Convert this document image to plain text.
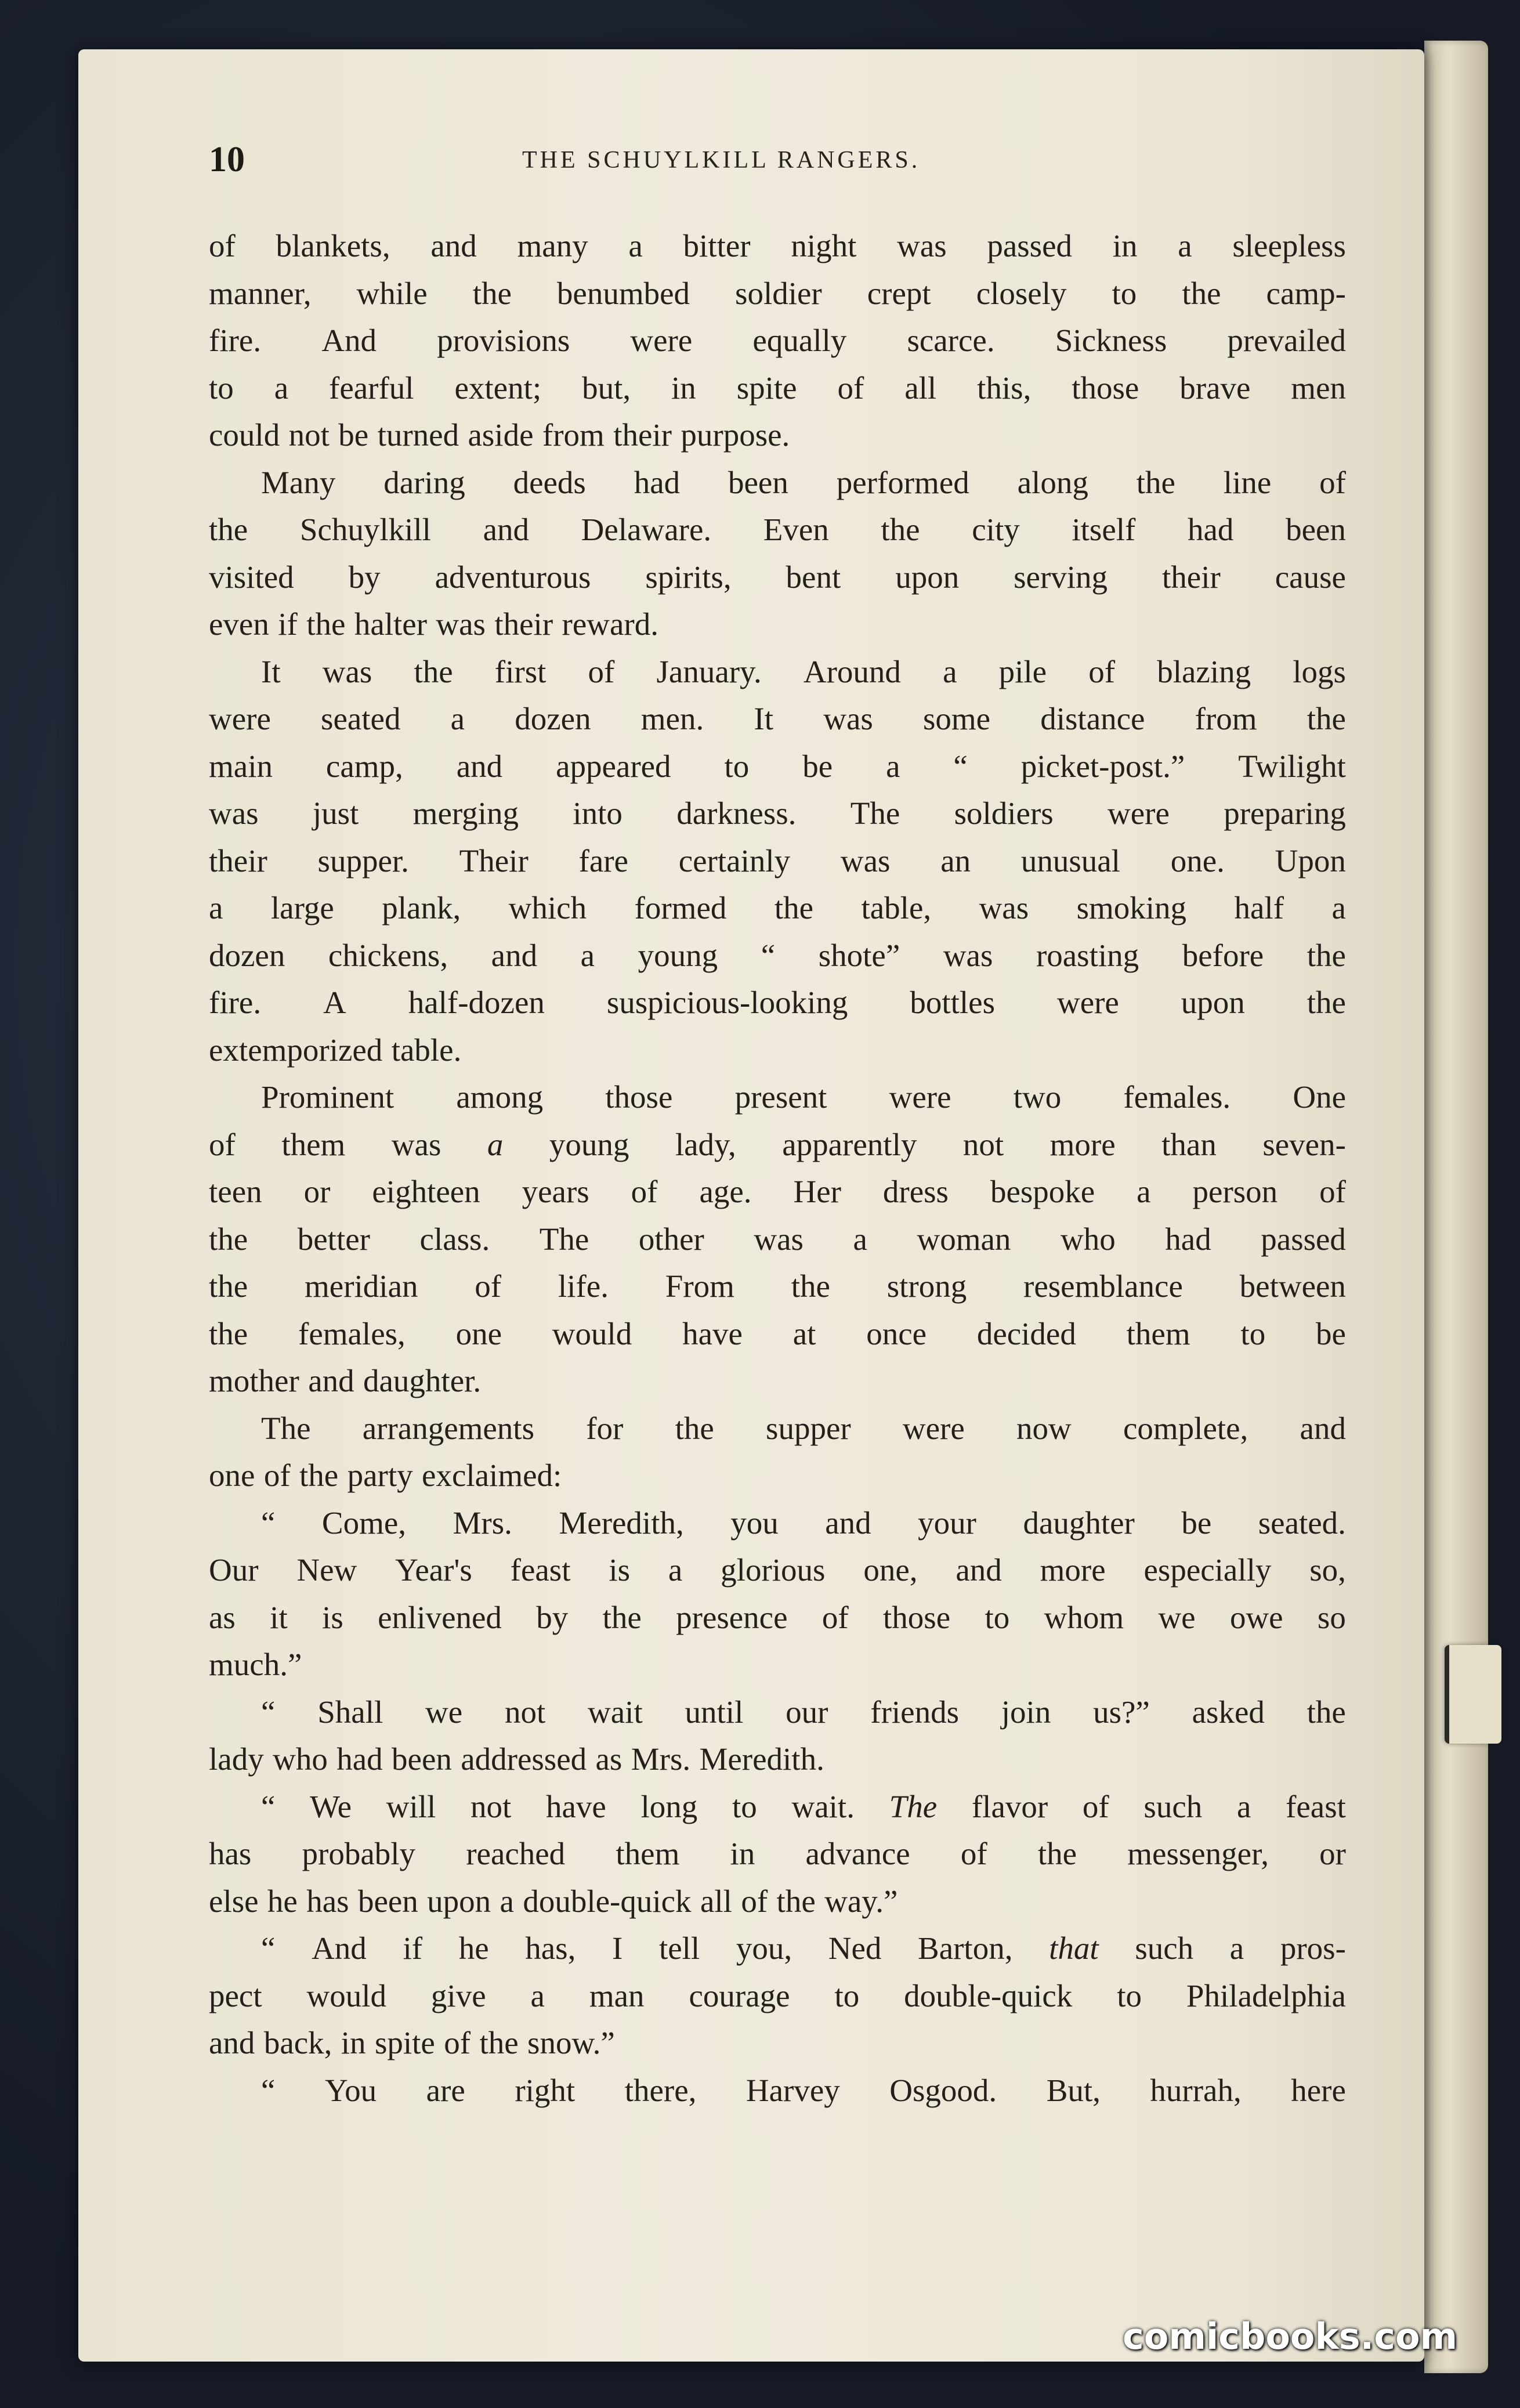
10	THE SCHUYLKILL RANGERS.
of blankets, and many a bitter night was passed in a sleepless
manner, while the benumbed soldier crept closely to the camp-
fire. And provisions were equally scarce. Sickness prevailed
to a fearful extent; but, in spite of all this, those brave men
could not be turned aside from their purpose.
Many daring deeds had been performed along the line of
the Schuylkill and Delaware. Even the city itself had been
visited by adventurous spirits, bent upon serving their cause
even if the halter was their reward.
It was the first of January. Around a pile of blazing logs
were seated a dozen men. It was some distance from the
main camp, and appeared to be a “ picket-post.” Twilight
was just merging into darkness. The soldiers were preparing
their supper. Their fare certainly was an unusual one. Upon
a large plank, which formed the table, was smoking half a
dozen chickens, and a young “ shote” was roasting before the
fire. A half-dozen suspicious-looking bottles were upon the
extemporized table.
Prominent among those present were two females. One
of them was a young lady, apparently not more than seven-
teen or eighteen years of age. Her dress bespoke a person of
the better class. The other was a woman who had passed
the meridian of life. From the strong resemblance between
the females, one would have at once decided them to be
mother and daughter.
The arrangements for the supper were now complete, and
one of the party exclaimed:
“ Come, Mrs. Meredith, you and your daughter be seated.
Our New Year's feast is a glorious one, and more especially so,
as it is enlivened by the presence of those to whom we owe so
much.”
“ Shall we not wait until our friends join us?” asked the
lady who had been addressed as Mrs. Meredith.
“ We will not have long to wait. The flavor of such a feast
has probably reached them in advance of the messenger, or
else he has been upon a double-quick all of the way.”
“ And if he has, I tell you, Ned Barton, that such a pros-
pect would give a man courage to double-quick to Philadelphia
and back, in spite of the snow.”
“ You are right there, Harvey Osgood. But, hurrah, here
comicbooks.com
